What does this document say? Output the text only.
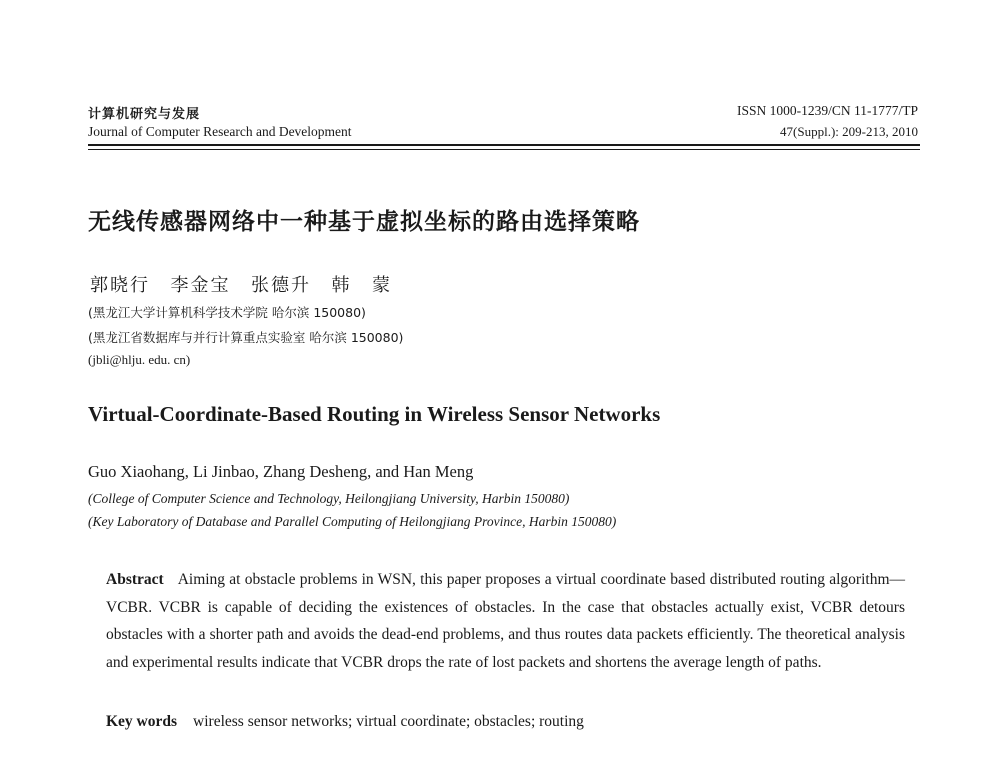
计算机研究与发展
Journal of Computer Research and Development
ISSN 1000-1239/CN 11-1777/TP
47(Suppl.): 209-213, 2010
无线传感器网络中一种基于虚拟坐标的路由选择策略
郭晓行 李金宝 张德升 韩 蒙
(黑龙江大学计算机科学技术学院 哈尔滨 150080)
(黑龙江省数据库与并行计算重点实验室 哈尔滨 150080)
(jbli@hlju. edu. cn)
Virtual-Coordinate-Based Routing in Wireless Sensor Networks
Guo Xiaohang, Li Jinbao, Zhang Desheng, and Han Meng
(College of Computer Science and Technology, Heilongjiang University, Harbin 150080)
(Key Laboratory of Database and Parallel Computing of Heilongjiang Province, Harbin 150080)
Abstract Aiming at obstacle problems in WSN, this paper proposes a virtual coordinate based distributed routing algorithm—VCBR. VCBR is capable of deciding the existences of obstacles. In the case that obstacles actually exist, VCBR detours obstacles with a shorter path and avoids the dead-end problems, and thus routes data packets efficiently. The theoretical analysis and experimental results indicate that VCBR drops the rate of lost packets and shortens the average length of paths.
Key words wireless sensor networks; virtual coordinate; obstacles; routing
